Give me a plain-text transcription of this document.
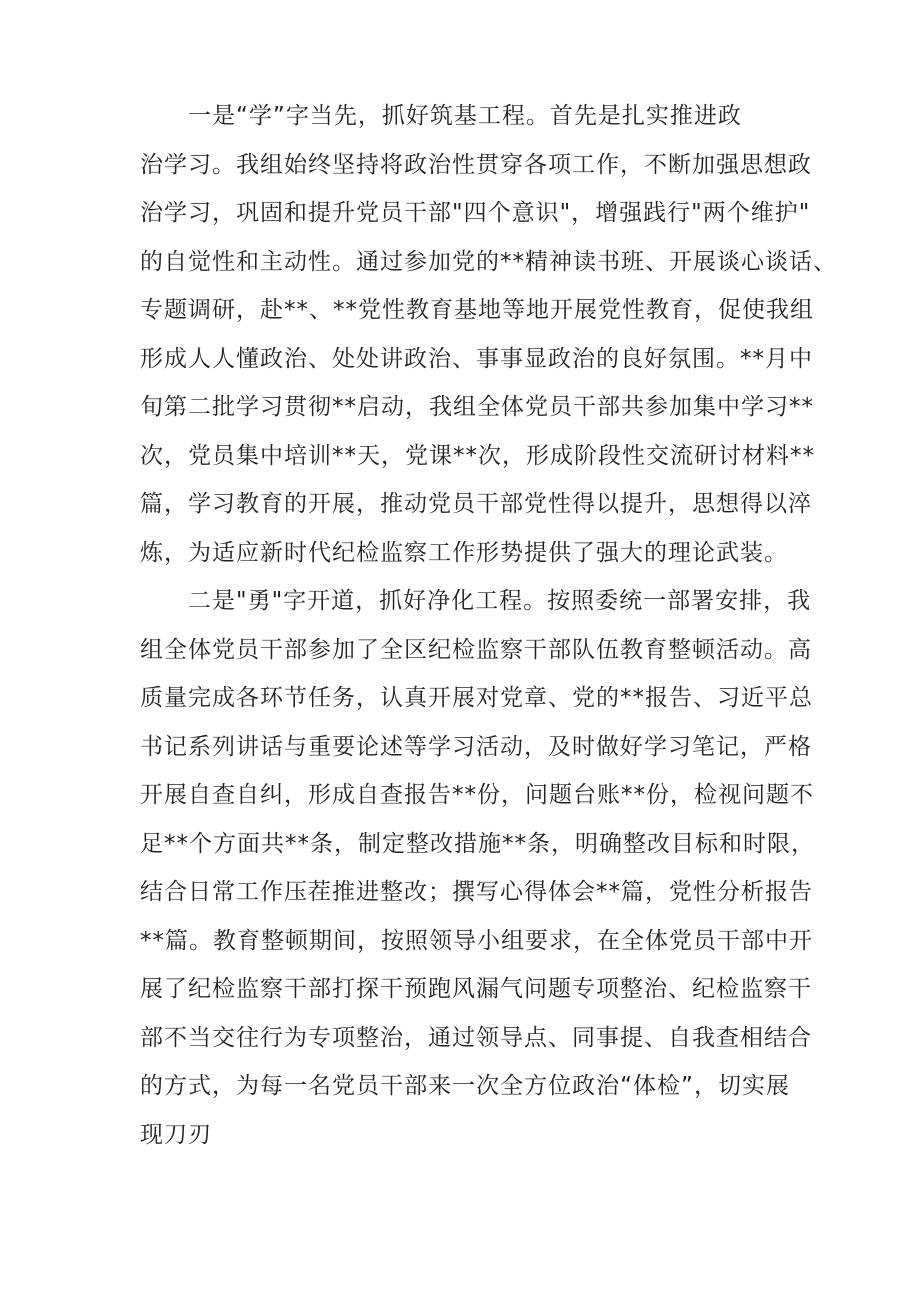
一是“学”字当先，抓好筑基工程。首先是扎实推进政
治学习。我组始终坚持将政治性贯穿各项工作，不断加强思想政
治学习，巩固和提升党员干部"四个意识"，增强践行"两个维护"
的自觉性和主动性。通过参加党的**精神读书班、开展谈心谈话、
专题调研，赴**、**党性教育基地等地开展党性教育，促使我组
形成人人懂政治、处处讲政治、事事显政治的良好氛围。**月中
旬第二批学习贯彻**启动，我组全体党员干部共参加集中学习**
次，党员集中培训**天，党课**次，形成阶段性交流研讨材料**
篇，学习教育的开展，推动党员干部党性得以提升，思想得以淬
炼，为适应新时代纪检监察工作形势提供了强大的理论武装。
二是"勇"字开道，抓好净化工程。按照委统一部署安排，我
组全体党员干部参加了全区纪检监察干部队伍教育整顿活动。高
质量完成各环节任务，认真开展对党章、党的**报告、习近平总
书记系列讲话与重要论述等学习活动，及时做好学习笔记，严格
开展自查自纠，形成自查报告**份，问题台账**份，检视问题不
足**个方面共**条，制定整改措施**条，明确整改目标和时限，
结合日常工作压茬推进整改；撰写心得体会**篇，党性分析报告
**篇。教育整顿期间，按照领导小组要求，在全体党员干部中开
展了纪检监察干部打探干预跑风漏气问题专项整治、纪检监察干
部不当交往行为专项整治，通过领导点、同事提、自我查相结合
的方式，为每一名党员干部来一次全方位政治“体检”，切实展
现刀刃
